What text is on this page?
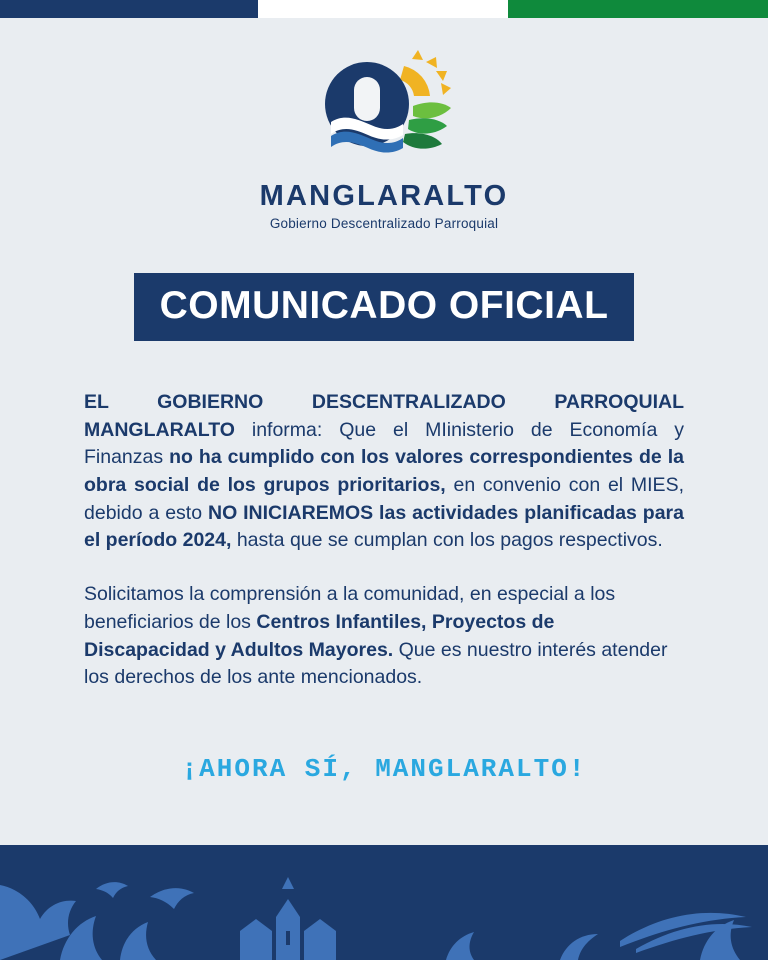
MANGLARALTO
Gobierno Descentralizado Parroquial
COMUNICADO OFICIAL

EL GOBIERNO DESCENTRALIZADO PARROQUIAL MANGLARALTO informa: Que el MIinisterio de Economía y Finanzas no ha cumplido con los valores correspondientes de la obra social de los grupos prioritarios, en convenio con el MIES, debido a esto NO INICIAREMOS las actividades planificadas para el período 2024, hasta que se cumplan con los pagos respectivos.

Solicitamos la comprensión a la comunidad, en especial a los beneficiarios de los Centros Infantiles, Proyectos de Discapacidad y Adultos Mayores. Que es nuestro interés atender los derechos de los ante mencionados.

¡AHORA SÍ, MANGLARALTO!
